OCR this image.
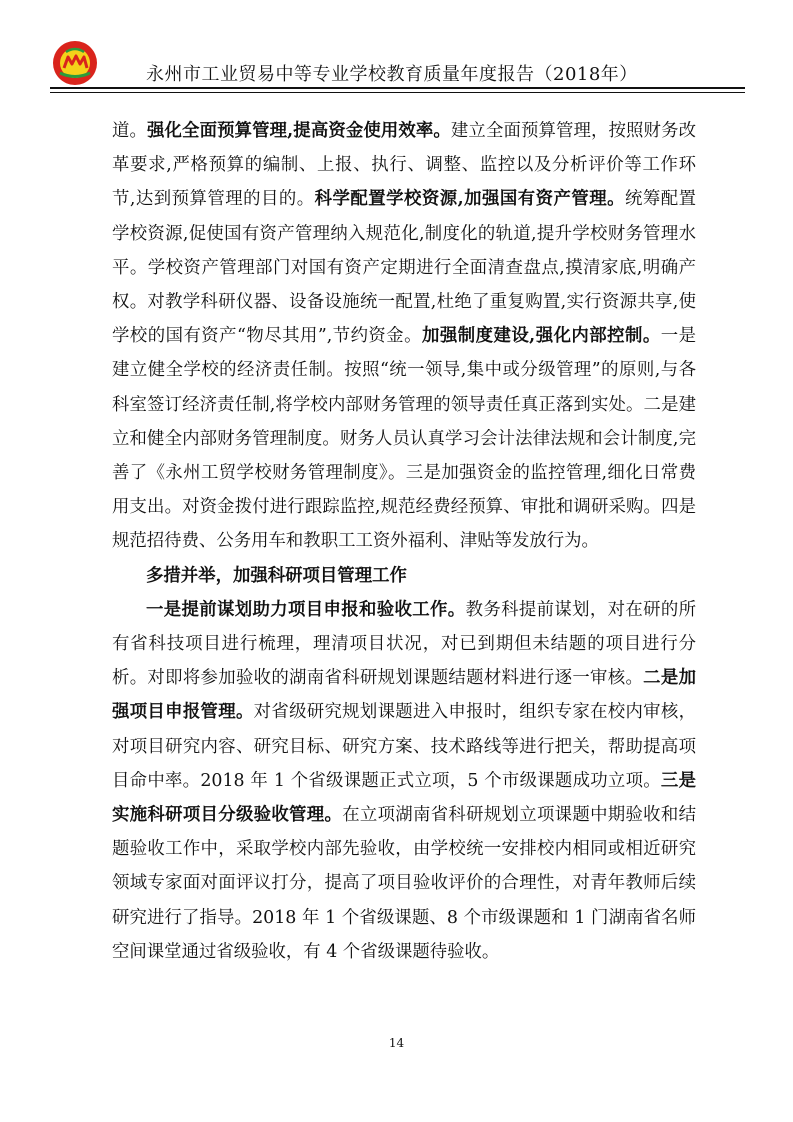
永州市工业贸易中等专业学校教育质量年度报告（2018年）

道。强化全面预算管理,提高资金使用效率。建立全面预算管理，按照财务改革要求,严格预算的编制、上报、执行、调整、监控以及分析评价等工作环节,达到预算管理的目的。科学配置学校资源,加强国有资产管理。统筹配置学校资源,促使国有资产管理纳入规范化,制度化的轨道,提升学校财务管理水平。学校资产管理部门对国有资产定期进行全面清查盘点,摸清家底,明确产权。对教学科研仪器、设备设施统一配置,杜绝了重复购置,实行资源共享,使学校的国有资产“物尽其用”,节约资金。加强制度建设,强化内部控制。一是建立健全学校的经济责任制。按照“统一领导,集中或分级管理”的原则,与各科室签订经济责任制,将学校内部财务管理的领导责任真正落到实处。二是建立和健全内部财务管理制度。财务人员认真学习会计法律法规和会计制度,完善了《永州工贸学校财务管理制度》。三是加强资金的监控管理,细化日常费用支出。对资金拨付进行跟踪监控,规范经费经预算、审批和调研采购。四是规范招待费、公务用车和教职工工资外福利、津贴等发放行为。

多措并举，加强科研项目管理工作

一是提前谋划助力项目申报和验收工作。教务科提前谋划，对在研的所有省科技项目进行梳理，理清项目状况，对已到期但未结题的项目进行分析。对即将参加验收的湖南省科研规划课题结题材料进行逐一审核。二是加强项目申报管理。对省级研究规划课题进入申报时，组织专家在校内审核，对项目研究内容、研究目标、研究方案、技术路线等进行把关，帮助提高项目命中率。2018 年 1 个省级课题正式立项，5 个市级课题成功立项。三是实施科研项目分级验收管理。在立项湖南省科研规划立项课题中期验收和结题验收工作中，采取学校内部先验收，由学校统一安排校内相同或相近研究领域专家面对面评议打分，提高了项目验收评价的合理性，对青年教师后续研究进行了指导。2018 年 1 个省级课题、8 个市级课题和 1 门湖南省名师空间课堂通过省级验收，有 4 个省级课题待验收。

14
